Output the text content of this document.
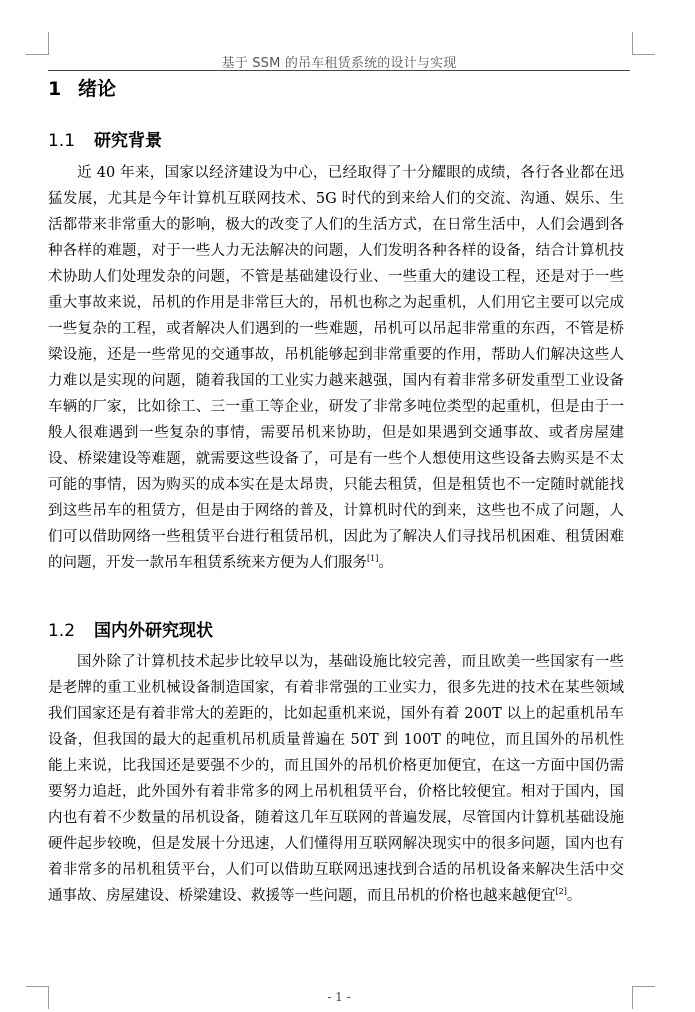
基于 SSM 的吊车租赁系统的设计与实现
1 绪论
1.1 研究背景

近 40 年来，国家以经济建设为中心，已经取得了十分耀眼的成绩，各行各业都在迅猛发展，尤其是今年计算机互联网技术、5G 时代的到来给人们的交流、沟通、娱乐、生活都带来非常重大的影响，极大的改变了人们的生活方式，在日常生活中，人们会遇到各种各样的难题，对于一些人力无法解决的问题，人们发明各种各样的设备，结合计算机技术协助人们处理发杂的问题，不管是基础建设行业、一些重大的建设工程，还是对于一些重大事故来说，吊机的作用是非常巨大的，吊机也称之为起重机，人们用它主要可以完成一些复杂的工程，或者解决人们遇到的一些难题，吊机可以吊起非常重的东西，不管是桥梁设施，还是一些常见的交通事故，吊机能够起到非常重要的作用，帮助人们解决这些人力难以是实现的问题，随着我国的工业实力越来越强，国内有着非常多研发重型工业设备车辆的厂家，比如徐工、三一重工等企业，研发了非常多吨位类型的起重机，但是由于一般人很难遇到一些复杂的事情，需要吊机来协助，但是如果遇到交通事故、或者房屋建设、桥梁建设等难题，就需要这些设备了，可是有一些个人想使用这些设备去购买是不太可能的事情，因为购买的成本实在是太昂贵，只能去租赁，但是租赁也不一定随时就能找到这些吊车的租赁方，但是由于网络的普及，计算机时代的到来，这些也不成了问题，人们可以借助网络一些租赁平台进行租赁吊机，因此为了解决人们寻找吊机困难、租赁困难的问题，开发一款吊车租赁系统来方便为人们服务[1]。

1.2 国内外研究现状

国外除了计算机技术起步比较早以为，基础设施比较完善，而且欧美一些国家有一些是老牌的重工业机械设备制造国家，有着非常强的工业实力，很多先进的技术在某些领域我们国家还是有着非常大的差距的，比如起重机来说，国外有着 200T 以上的起重机吊车设备，但我国的最大的起重机吊机质量普遍在 50T 到 100T 的吨位，而且国外的吊机性能上来说，比我国还是要强不少的，而且国外的吊机价格更加便宜，在这一方面中国仍需要努力追赶，此外国外有着非常多的网上吊机租赁平台，价格比较便宜。相对于国内，国内也有着不少数量的吊机设备，随着这几年互联网的普遍发展，尽管国内计算机基础设施硬件起步较晚，但是发展十分迅速，人们懂得用互联网解决现实中的很多问题，国内也有着非常多的吊机租赁平台，人们可以借助互联网迅速找到合适的吊机设备来解决生活中交通事故、房屋建设、桥梁建设、救援等一些问题，而且吊机的价格也越来越便宜[2]。

- 1 -
